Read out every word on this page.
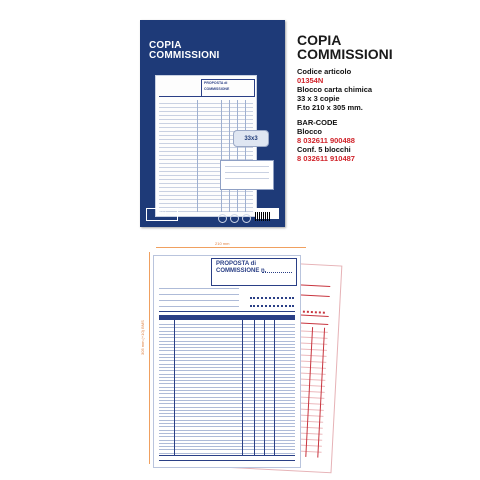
COPIA
COMMISSIONI
PROPOSTA di
COMMISSIONE
33x3
DU
COPIA
COMMISSIONI
Codice articolo
01354N
Blocco carta chimica
33 x 3 copie
F.to 210 x 305 mm.
BAR-CODE
Blocco
8 032611 900488
Conf. 5 blocchi
8 032611 910487
210 mm
305 mm (+10) BMS
PROPOSTA di
COMMISSIONE n.
